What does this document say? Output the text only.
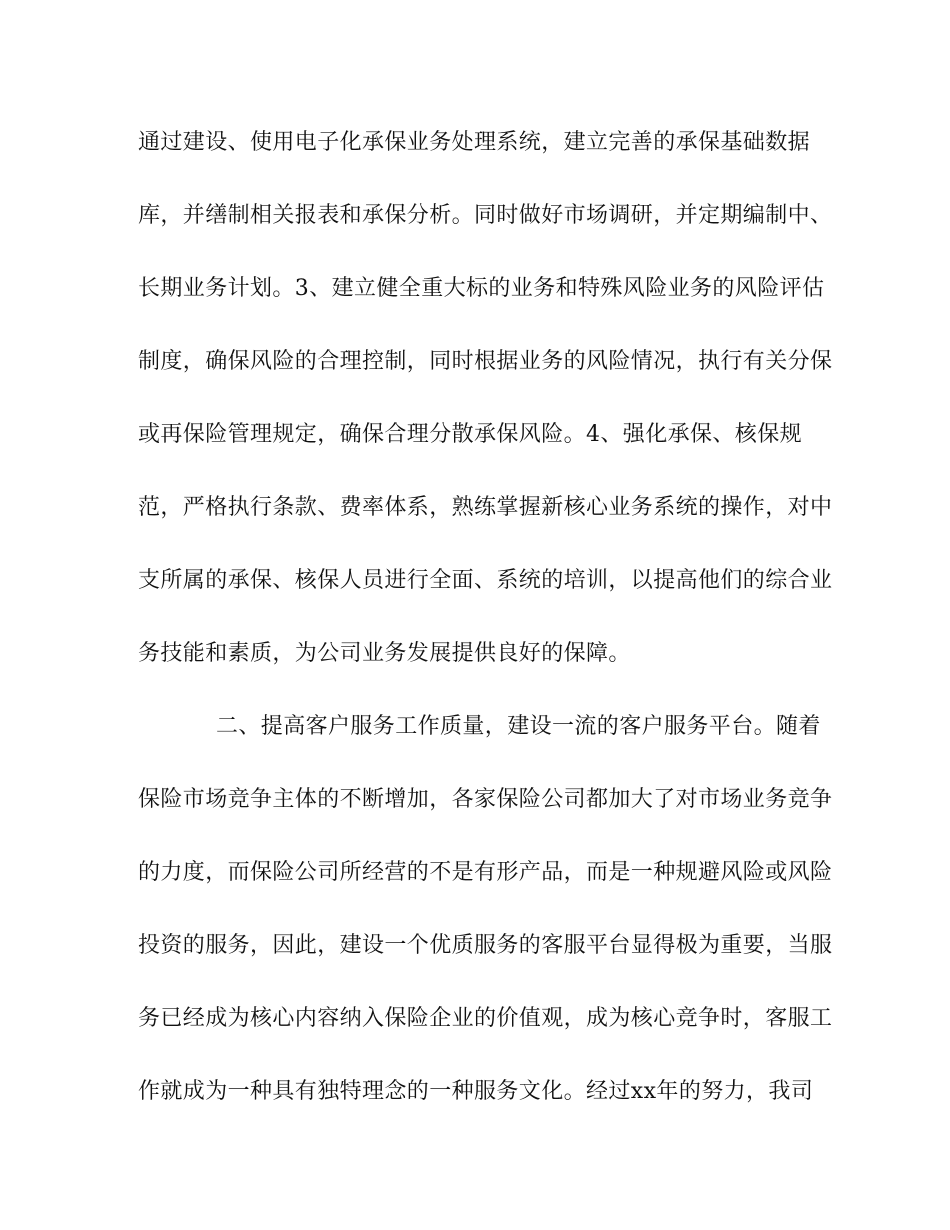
通过建设、使用电子化承保业务处理系统，建立完善的承保基础数据
库，并缮制相关报表和承保分析。同时做好市场调研，并定期编制中、
长期业务计划。3、建立健全重大标的业务和特殊风险业务的风险评估
制度，确保风险的合理控制，同时根据业务的风险情况，执行有关分保
或再保险管理规定，确保合理分散承保风险。4、强化承保、核保规
范，严格执行条款、费率体系，熟练掌握新核心业务系统的操作，对中
支所属的承保、核保人员进行全面、系统的培训，以提高他们的综合业
务技能和素质，为公司业务发展提供良好的保障。
二、提高客户服务工作质量，建设一流的客户服务平台。随着
保险市场竞争主体的不断增加，各家保险公司都加大了对市场业务竞争
的力度，而保险公司所经营的不是有形产品，而是一种规避风险或风险
投资的服务，因此，建设一个优质服务的客服平台显得极为重要，当服
务已经成为核心内容纳入保险企业的价值观，成为核心竞争时，客服工
作就成为一种具有独特理念的一种服务文化。经过xx年的努力，我司
